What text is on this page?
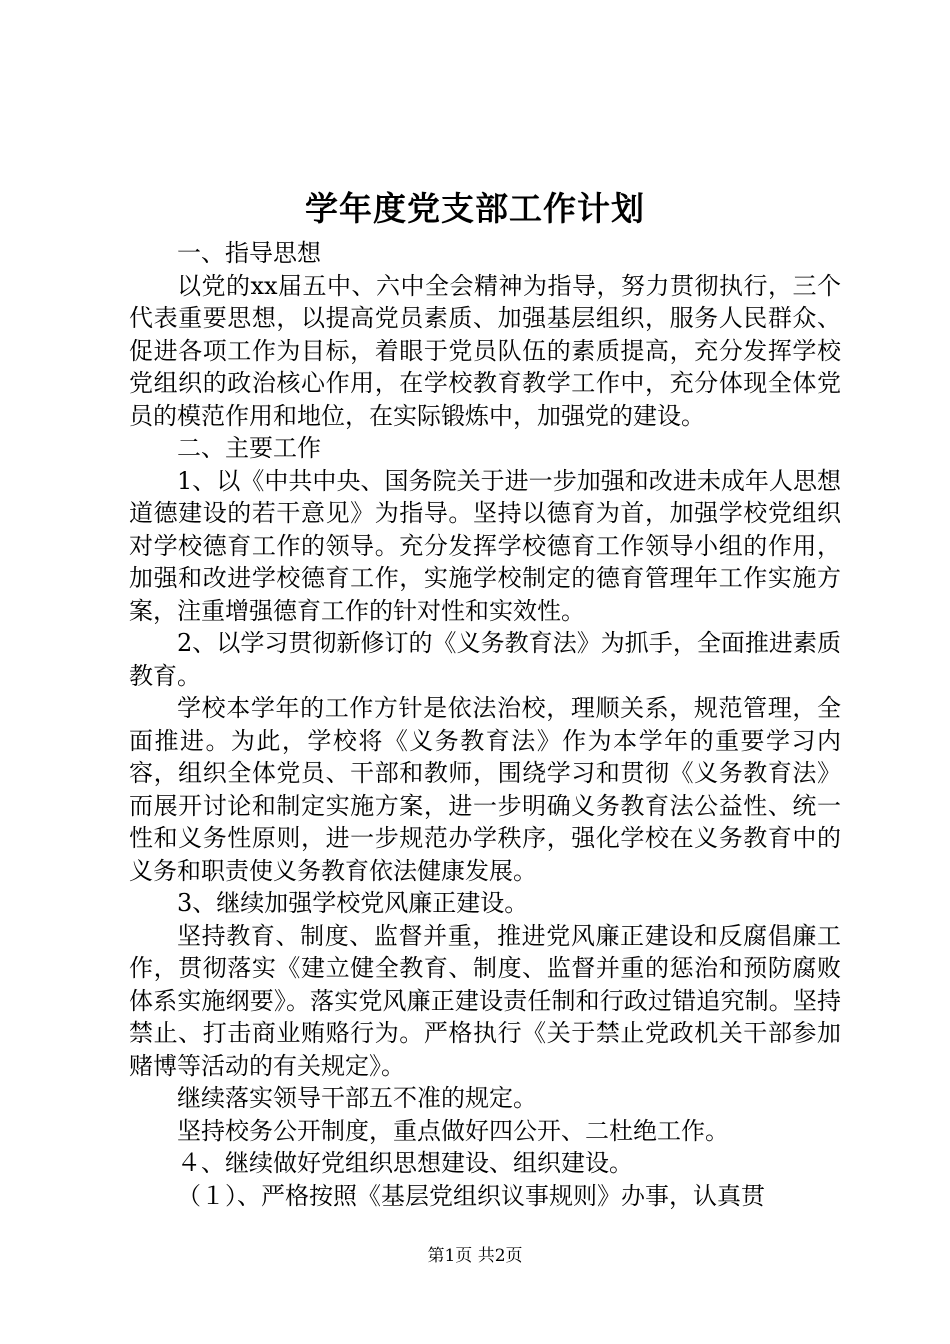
学年度党支部工作计划

一、指导思想

以党的xx届五中、六中全会精神为指导，努力贯彻执行，三个代表重要思想，以提高党员素质、加强基层组织，服务人民群众、促进各项工作为目标，着眼于党员队伍的素质提高，充分发挥学校党组织的政治核心作用，在学校教育教学工作中，充分体现全体党员的模范作用和地位，在实际锻炼中，加强党的建设。

二、主要工作

1、以《中共中央、国务院关于进一步加强和改进未成年人思想道德建设的若干意见》为指导。坚持以德育为首，加强学校党组织对学校德育工作的领导。充分发挥学校德育工作领导小组的作用，加强和改进学校德育工作，实施学校制定的德育管理年工作实施方案，注重增强德育工作的针对性和实效性。

2、以学习贯彻新修订的《义务教育法》为抓手，全面推进素质教育。

学校本学年的工作方针是依法治校，理顺关系，规范管理，全面推进。为此，学校将《义务教育法》作为本学年的重要学习内容，组织全体党员、干部和教师，围绕学习和贯彻《义务教育法》而展开讨论和制定实施方案，进一步明确义务教育法公益性、统一性和义务性原则，进一步规范办学秩序，强化学校在义务教育中的义务和职责使义务教育依法健康发展。

3、继续加强学校党风廉正建设。

坚持教育、制度、监督并重，推进党风廉正建设和反腐倡廉工作，贯彻落实《建立健全教育、制度、监督并重的惩治和预防腐败体系实施纲要》。落实党风廉正建设责任制和行政过错追究制。坚持禁止、打击商业贿赂行为。严格执行《关于禁止党政机关干部参加赌博等活动的有关规定》。

继续落实领导干部五不准的规定。

坚持校务公开制度，重点做好四公开、二杜绝工作。

４、继续做好党组织思想建设、组织建设。

（１）、严格按照《基层党组织议事规则》办事，认真贯

第1页 共2页
